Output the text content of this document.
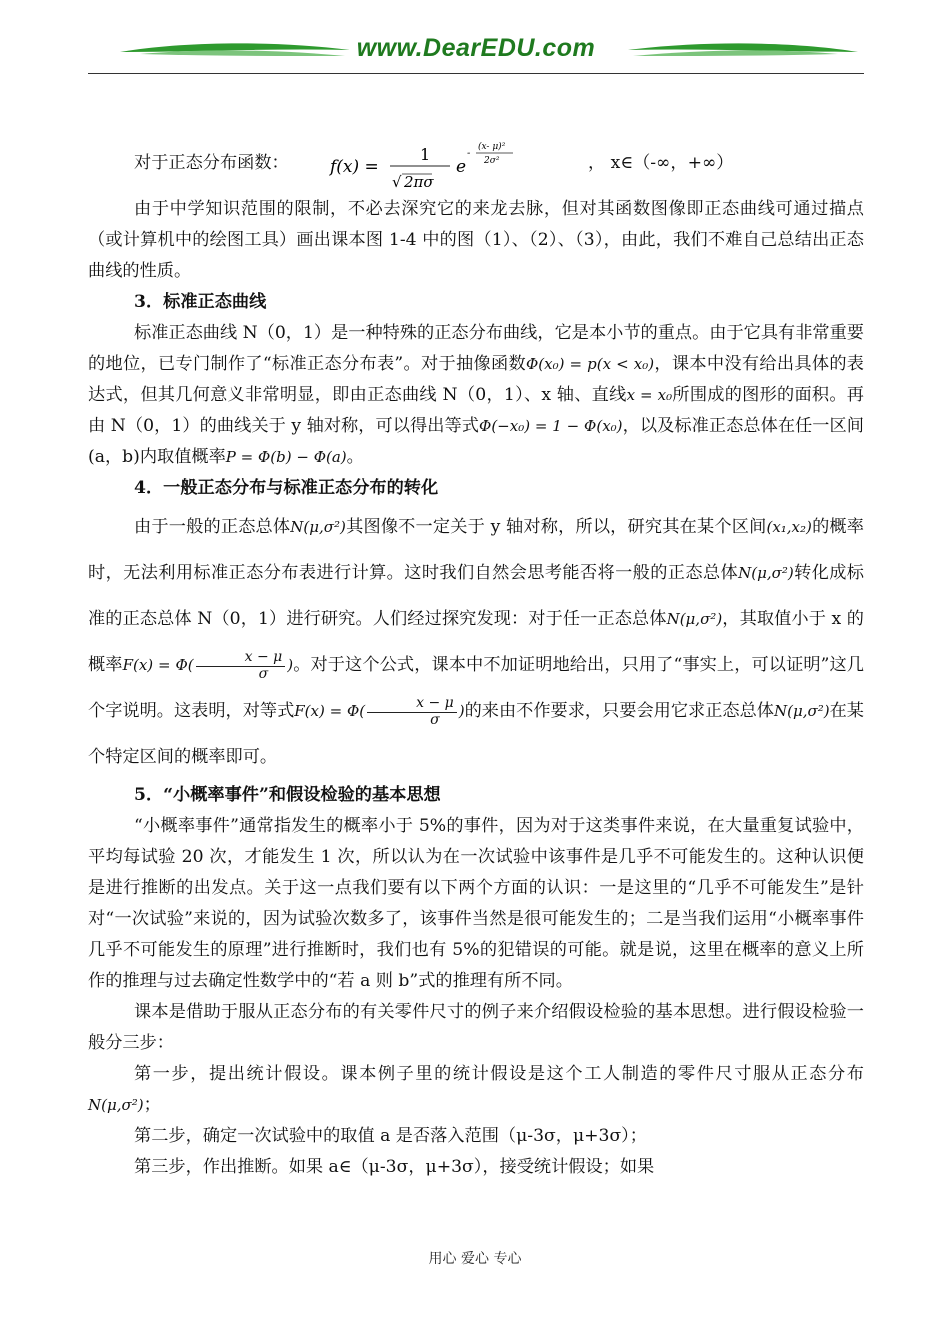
www.DearEDU.com
对于正态分布函数： f(x) =
1
√ 2πσ
e
-
(x- μ)²
2σ²	， x∈（-∞，+∞）

由于中学知识范围的限制，不必去深究它的来龙去脉，但对其函数图像即正态曲线可通过描点（或计算机中的绘图工具）画出课本图 1-4 中的图（1）、（2）、（3），由此，我们不难自己总结出正态曲线的性质。

3．标准正态曲线

标准正态曲线 N（0，1）是一种特殊的正态分布曲线，它是本小节的重点。由于它具有非常重要的地位，已专门制作了“标准正态分布表”。对于抽像函数Φ(x₀) = p(x < x₀)，课本中没有给出具体的表达式，但其几何意义非常明显，即由正态曲线 N（0，1）、x 轴、直线x = x₀所围成的图形的面积。再由 N（0，1）的曲线关于 y 轴对称，可以得出等式Φ(−x₀) = 1 − Φ(x₀)，以及标准正态总体在任一区间(a，b)内取值概率P = Φ(b) − Φ(a)。

4．一般正态分布与标准正态分布的转化

由于一般的正态总体N(μ,σ²)其图像不一定关于 y 轴对称，所以，研究其在某个区间(x₁,x₂)的概率时，无法利用标准正态分布表进行计算。这时我们自然会思考能否将一般的正态总体N(μ,σ²)转化成标准的正态总体 N（0，1）进行研究。人们经过探究发现：对于任一正态总体N(μ,σ²)，其取值小于 x 的概率$F(x) = \Phi( \frac{x - \mu}{\sigma}$ )。对于这个公式，课本中不加证明地给出，只用了“事实上，可以证明”这几个字说明。这表明，对等式$F(x) = \Phi( \frac{x - \mu}{\sigma}$ )的来由不作要求，只要会用它求正态总体N(μ,σ²)在某个特定区间的概率即可。

5．“小概率事件”和假设检验的基本思想

“小概率事件”通常指发生的概率小于 5%的事件，因为对于这类事件来说，在大量重复试验中，平均每试验 20 次，才能发生 1 次，所以认为在一次试验中该事件是几乎不可能发生的。这种认识便是进行推断的出发点。关于这一点我们要有以下两个方面的认识：一是这里的“几乎不可能发生”是针对“一次试验”来说的，因为试验次数多了，该事件当然是很可能发生的；二是当我们运用“小概率事件几乎不可能发生的原理”进行推断时，我们也有 5%的犯错误的可能。就是说，这里在概率的意义上所作的推理与过去确定性数学中的“若 a 则 b”式的推理有所不同。

课本是借助于服从正态分布的有关零件尺寸的例子来介绍假设检验的基本思想。进行假设检验一般分三步：

第一步，提出统计假设。课本例子里的统计假设是这个工人制造的零件尺寸服从正态分布N(μ,σ²)；

第二步，确定一次试验中的取值 a 是否落入范围（μ-3σ，μ+3σ）；

第三步，作出推断。如果 a∈（μ-3σ，μ+3σ），接受统计假设；如果

用心 爱心 专心
